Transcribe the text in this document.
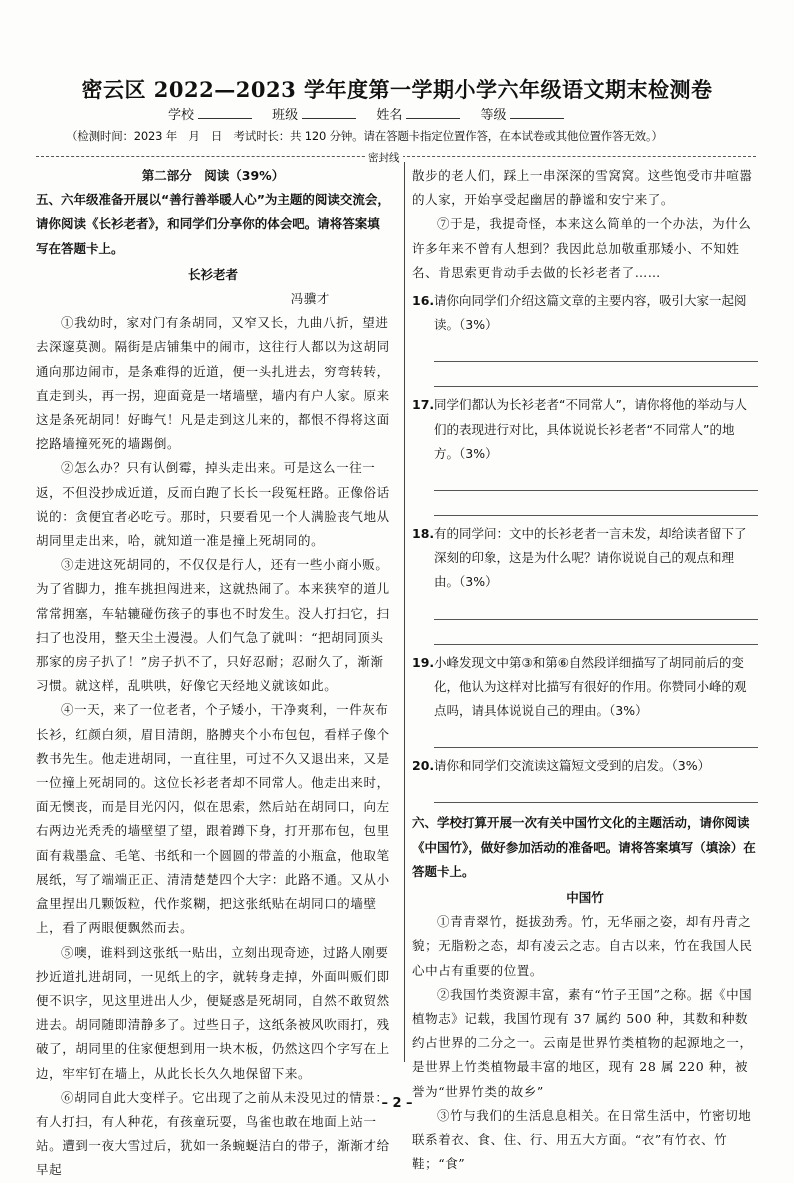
密云区 2022—2023 学年度第一学期小学六年级语文期末检测卷
学校	班级	姓名	等级
（检测时间：2023 年　月　日　考试时长：共 120 分钟。请在答题卡指定位置作答，在本试卷或其他位置作答无效。）
密封线

第二部分　阅读（39%）

五、六年级准备开展以“善行善举暖人心”为主题的阅读交流会，请你阅读《长衫老者》，和同学们分享你的体会吧。请将答案填写在答题卡上。

长衫老者

冯骥才

①我幼时，家对门有条胡同，又窄又长，九曲八折，望进去深邃莫测。隔街是店铺集中的闹市，这往行人都以为这胡同通向那边闹市，是条难得的近道，便一头扎进去，穷弯转转，直走到头，再一拐，迎面竟是一堵墙壁，墙内有户人家。原来这是条死胡同！好晦气！凡是走到这儿来的，都恨不得将这面挖路墙撞死死的墙踢倒。

②怎么办？只有认倒霉，掉头走出来。可是这么一往一返，不但没抄成近道，反而白跑了长长一段冤枉路。正像俗话说的：贪便宜者必吃亏。那时，只要看见一个人满脸丧气地从胡同里走出来，哈，就知道一准是撞上死胡同的。

③走进这死胡同的，不仅仅是行人，还有一些小商小贩。为了省脚力，推车挑担闯进来，这就热闹了。本来狭窄的道儿常常拥塞，车轱辘碰伤孩子的事也不时发生。没人打扫它，扫扫了也没用，整天尘土漫漫。人们气急了就叫：“把胡同顶头那家的房子扒了！”房子扒不了，只好忍耐；忍耐久了，渐渐习惯。就这样，乱哄哄，好像它天经地义就该如此。

④一天，来了一位老者，个子矮小，干净爽利，一件灰布长衫，红颜白须，眉目清朗，胳膊夹个小布包包，看样子像个教书先生。他走进胡同，一直往里，可过不久又退出来，又是一位撞上死胡同的。这位长衫老者却不同常人。他走出来时，面无懊丧，而是目光闪闪，似在思索，然后站在胡同口，向左右两边光秃秃的墙壁望了望，跟着蹲下身，打开那布包，包里面有栽墨盒、毛笔、书纸和一个圆圆的带盖的小瓶盒，他取笔展纸，写了端端正正、清清楚楚四个大字：此路不通。又从小盒里捏出几颗饭粒，代作浆糊，把这张纸贴在胡同口的墙壁上，看了两眼便飘然而去。

⑤噢，谁料到这张纸一贴出，立刻出现奇迹，过路人刚要抄近道扎进胡同，一见纸上的字，就转身走掉，外面叫贩们即便不识字，见这里进出人少，便疑惑是死胡同，自然不敢贸然进去。胡同随即清静多了。过些日子，这纸条被风吹雨打，残破了，胡同里的住家便想到用一块木板，仍然这四个字写在上边，牢牢钉在墙上，从此长长久久地保留下来。

⑥胡同自此大变样子。它出现了之前从未没见过的情景：有人打扫，有人种花，有孩童玩耍，鸟雀也敢在地面上站一站。遭到一夜大雪过后，犹如一条蜿蜒洁白的带子，渐渐才给早起

散步的老人们，踩上一串深深的雪窝窝。这些饱受市井喧嚣的人家，开始享受起幽居的静谧和安宁来了。

⑦于是，我提奇怪，本来这么简单的一个办法，为什么许多年来不曾有人想到？我因此总加敬重那矮小、不知姓名、肯思索更肯动手去做的长衫老者了……

16. 请你向同学们介绍这篇文章的主要内容，吸引大家一起阅读。（3%）
17. 同学们都认为长衫老者“不同常人”，请你将他的举动与人们的表现进行对比，具体说说长衫老者“不同常人”的地方。（3%）
18. 有的同学问：文中的长衫老者一言未发，却给读者留下了深刻的印象，这是为什么呢？请你说说自己的观点和理由。（3%）
19. 小峰发现文中第③和第⑥自然段详细描写了胡同前后的变化，他认为这样对比描写有很好的作用。你赞同小峰的观点吗，请具体说说自己的理由。（3%）
20. 请你和同学们交流读这篇短文受到的启发。（3%）

六、学校打算开展一次有关中国竹文化的主题活动，请你阅读《中国竹》，做好参加活动的准备吧。请将答案填写（填涂）在答题卡上。

中国竹

①青青翠竹，挺拔劲秀。竹，无华丽之姿，却有丹青之貌；无脂粉之态，却有凌云之志。自古以来，竹在我国人民心中占有重要的位置。

②我国竹类资源丰富，素有“竹子王国”之称。据《中国植物志》记载，我国竹现有 37 属约 500 种，其数和种数约占世界的二分之一。云南是世界竹类植物的起源地之一，是世界上竹类植物最丰富的地区，现有 28 属 220 种，被誉为“世界竹类的故乡”

③竹与我们的生活息息相关。在日常生活中，竹密切地联系着衣、食、住、行、用五大方面。“衣”有竹衣、竹鞋；“食”

– 2 –
